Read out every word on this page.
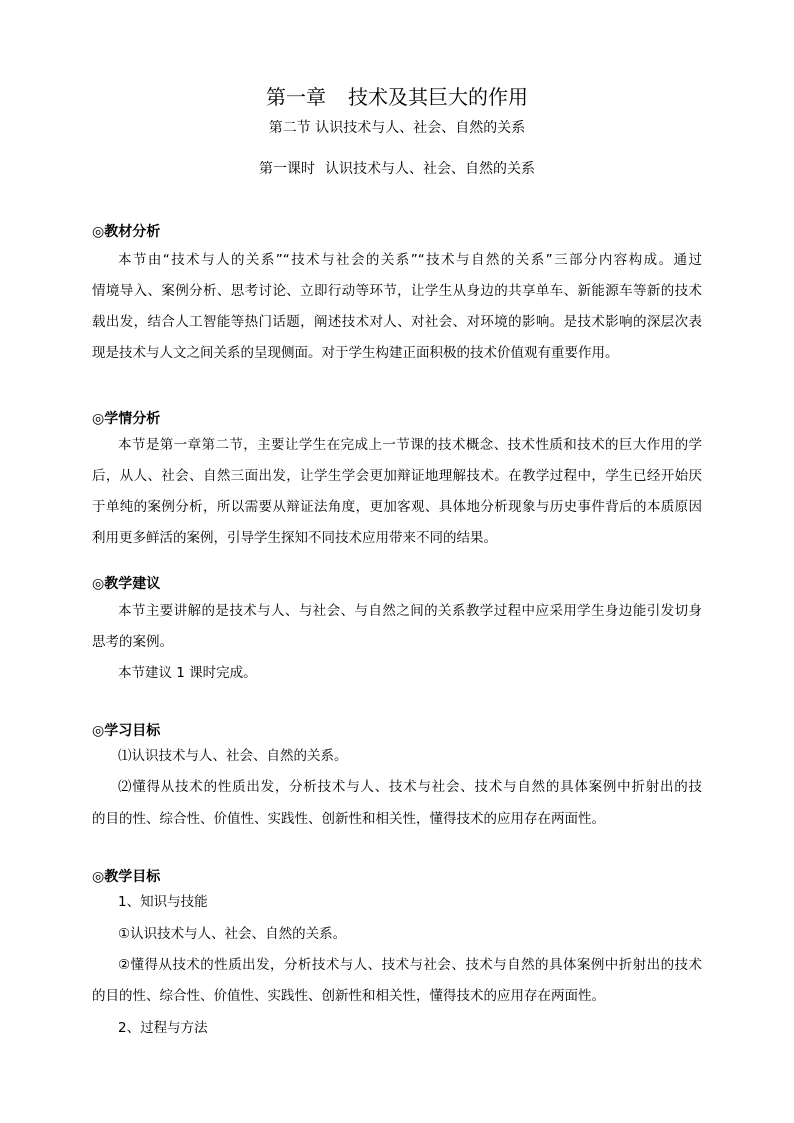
第一章 技术及其巨大的作用
第二节 认识技术与人、社会、自然的关系
第一课时 认识技术与人、社会、自然的关系
◎教材分析
本节由“技术与人的关系”“技术与社会的关系”“技术与自然的关系”三部分内容构成。通过
情境导入、案例分析、思考讨论、立即行动等环节，让学生从身边的共享单车、新能源车等新的技术
载出发，结合人工智能等热门话题，阐述技术对人、对社会、对环境的影响。是技术影响的深层次表
现是技术与人文之间关系的呈现侧面。对于学生构建正面积极的技术价值观有重要作用。
◎学情分析
本节是第一章第二节，主要让学生在完成上一节课的技术概念、技术性质和技术的巨大作用的学
后，从人、社会、自然三面出发，让学生学会更加辩证地理解技术。在教学过程中，学生已经开始厌
于单纯的案例分析，所以需要从辩证法角度，更加客观、具体地分析现象与历史事件背后的本质原因
利用更多鲜活的案例，引导学生探知不同技术应用带来不同的结果。
◎教学建议
本节主要讲解的是技术与人、与社会、与自然之间的关系教学过程中应采用学生身边能引发切身
思考的案例。
本节建议 1 课时完成。
◎学习目标
⑴认识技术与人、社会、自然的关系。
⑵懂得从技术的性质出发，分析技术与人、技术与社会、技术与自然的具体案例中折射出的技
的目的性、综合性、价值性、实践性、创新性和相关性，懂得技术的应用存在两面性。
◎教学目标
1、知识与技能
①认识技术与人、社会、自然的关系。
②懂得从技术的性质出发，分析技术与人、技术与社会、技术与自然的具体案例中折射出的技术
的目的性、综合性、价值性、实践性、创新性和相关性，懂得技术的应用存在两面性。
2、过程与方法
